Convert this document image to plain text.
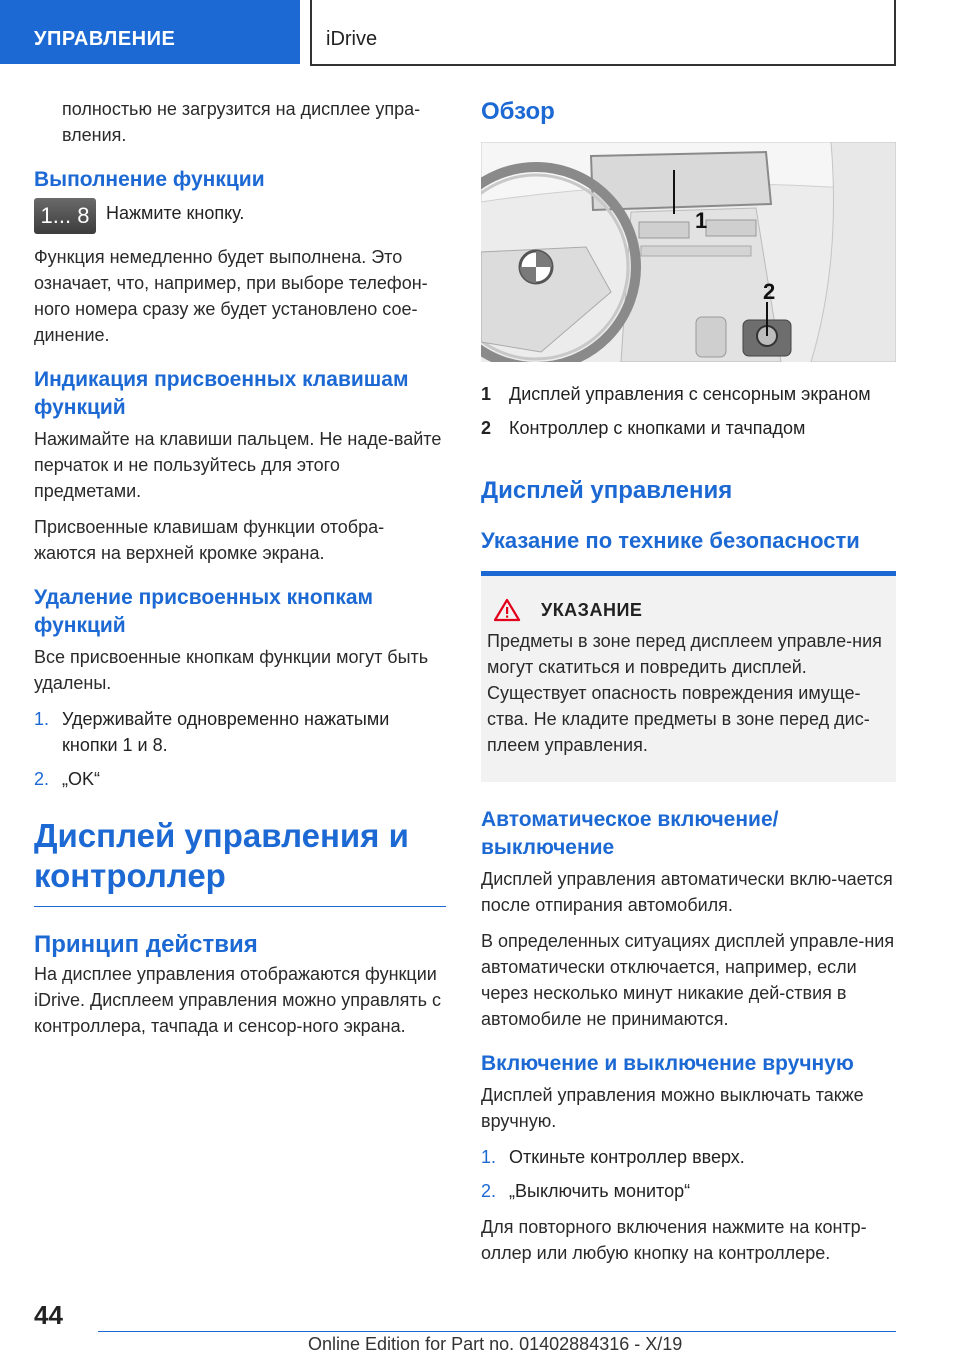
УПРАВЛЕНИЕ	iDrive

полностью не загрузится на дисплее упра-вления.

Выполнение функции
1... 8 Нажмите кнопку.

Функция немедленно будет выполнена. Это означает, что, например, при выборе телефон-ного номера сразу же будет установлено сое-динение.

Индикация присвоенных клавишам функций

Нажимайте на клавиши пальцем. Не наде-вайте перчаток и не пользуйтесь для этого предметами.

Присвоенные клавишам функции отобра-жаются на верхней кромке экрана.

Удаление присвоенных кнопкам функций

Все присвоенные кнопкам функции могут быть удалены.

1. Удерживайте одновременно нажатыми кнопки 1 и 8.
2. „OK“
Дисплей управления и контроллер
Принцип действия

На дисплее управления отображаются функции iDrive. Дисплеем управления можно управлять с контроллера, тачпада и сенсор-ного экрана.

Обзор
1
2
1 Дисплей управления с сенсорным экраном
2 Контроллер с кнопками и тачпадом
Дисплей управления
Указание по технике безопасности
УКАЗАНИЕ

Предметы в зоне перед дисплеем управле-ния могут скатиться и повредить дисплей. Существует опасность повреждения имуще-ства. Не кладите предметы в зоне перед дис-плеем управления.

Автоматическое включение/ выключение

Дисплей управления автоматически вклю-чается после отпирания автомобиля.

В определенных ситуациях дисплей управле-ния автоматически отключается, например, если через несколько минут никакие дей-ствия в автомобиле не принимаются.

Включение и выключение вручную

Дисплей управления можно выключать также вручную.

1. Откиньте контроллер вверх.
2. „Выключить монитор“

Для повторного включения нажмите на контр-оллер или любую кнопку на контроллере.

44
Online Edition for Part no. 01402884316 - X/19
